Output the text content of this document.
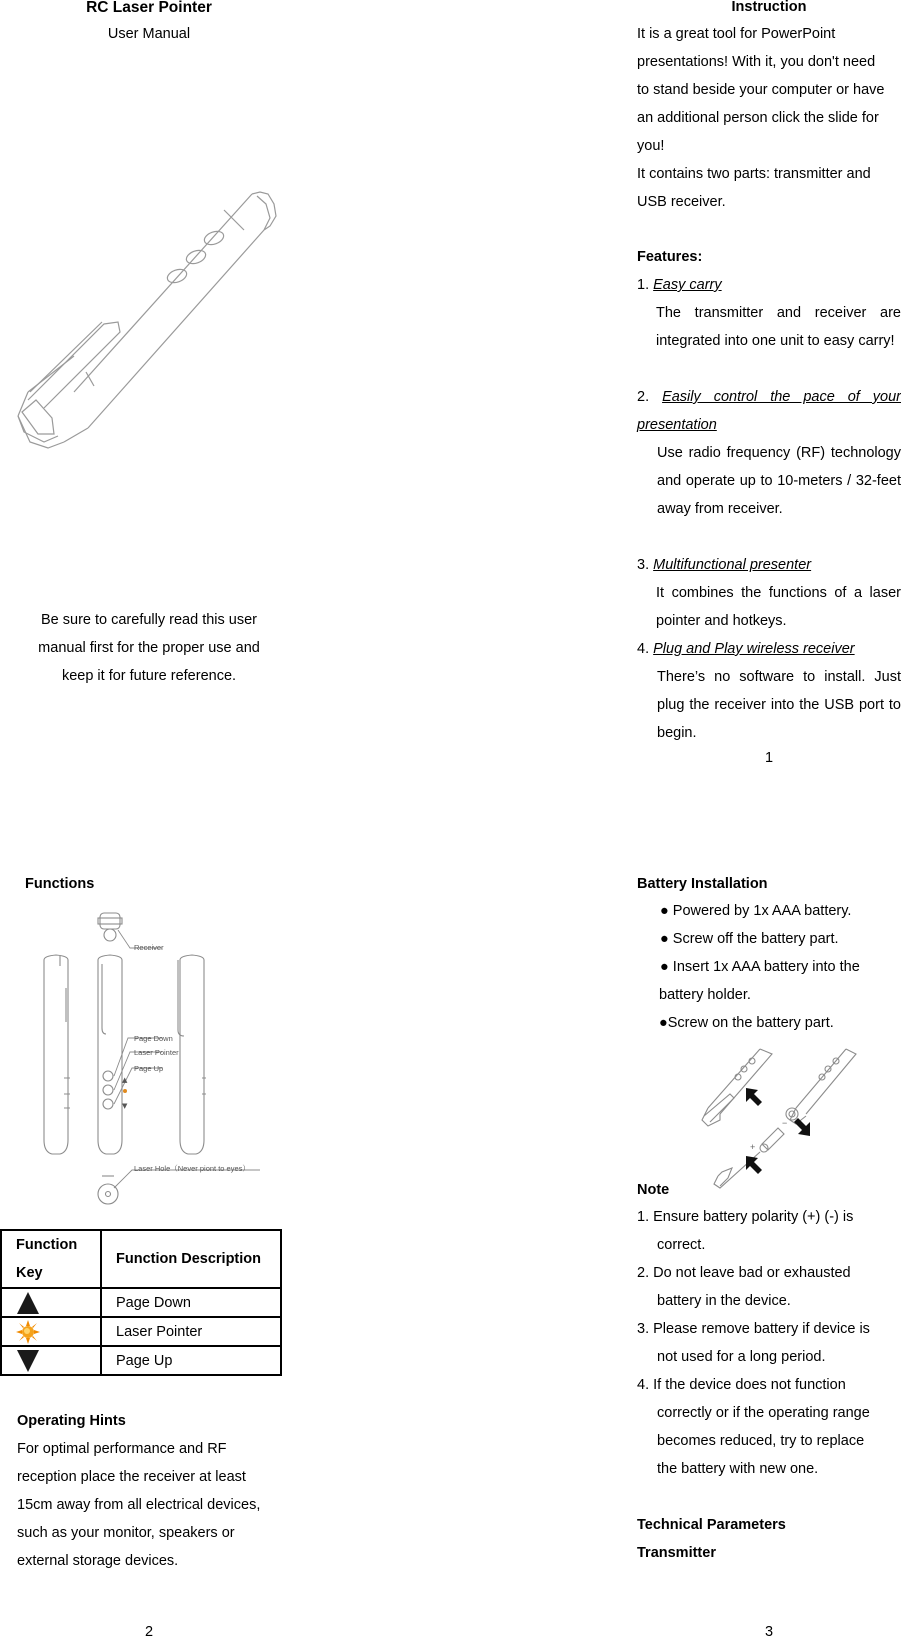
RC Laser Pointer
User Manual
Be sure to carefully read this user
manual first for the proper use and
keep it for future reference.
Instruction
It is a great tool for PowerPoint
presentations! With it, you don't need
to stand beside your computer or have
an additional person click the slide for
you!
It contains two parts: transmitter and
USB receiver.
Features:
1. Easy carry
The transmitter and receiver are integrated into one unit to easy carry!
2. Easily control the pace of your presentation
Use radio frequency (RF) technology and operate up to 10-meters / 32-feet away from receiver.
3. Multifunctional presenter
It combines the functions of a laser pointer and hotkeys.
4. Plug and Play wireless receiver
There’s no software to install. Just plug the receiver into the USB port to begin.
1
Functions
▲
▼
Receiver
Page Down
Laser Pointer
Page Up
Laser Hole（Never piont to eyes）
Function Key	Function Description

	Page Down

	Laser Pointer

	Page Up
Operating Hints
For optimal performance and RF
reception place the receiver at least
15cm away from all electrical devices,
such as your monitor, speakers or
external storage devices.
2
Battery Installation
● Powered by 1x AAA battery.
● Screw off the battery part.
● Insert 1x AAA battery into the
battery holder.
●Screw on the battery part.
−
+
Note
1. Ensure battery polarity (+) (-) is
correct.
2. Do not leave bad or exhausted
battery in the device.
3. Please remove battery if device is
not used for a long period.
4. If the device does not function
correctly or if the operating range
becomes reduced, try to replace
the battery with new one.
Technical Parameters
Transmitter
3
